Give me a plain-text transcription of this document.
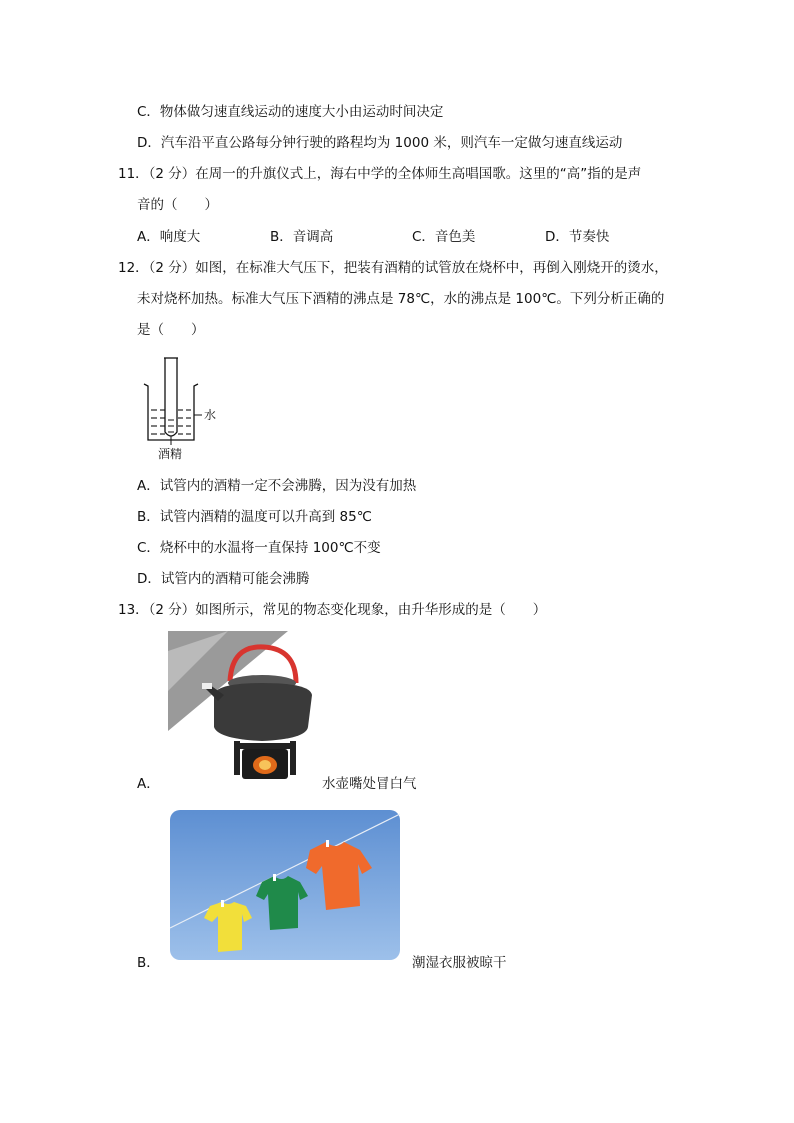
C．物体做匀速直线运动的速度大小由运动时间决定
D．汽车沿平直公路每分钟行驶的路程均为 1000 米，则汽车一定做匀速直线运动
11．（2 分）在周一的升旗仪式上，海右中学的全体师生高唱国歌。这里的“高”指的是声
音的（　　）
A．响度大	B．音调高	C．音色美	D．节奏快
12．（2 分）如图，在标准大气压下，把装有酒精的试管放在烧杯中，再倒入刚烧开的烫水，
未对烧杯加热。标准大气压下酒精的沸点是 78℃，水的沸点是 100℃。下列分析正确的
是（　　）
水
酒精
A．试管内的酒精一定不会沸腾，因为没有加热
B．试管内酒精的温度可以升高到 85℃
C．烧杯中的水温将一直保持 100℃不变
D．试管内的酒精可能会沸腾
13．（2 分）如图所示，常见的物态变化现象，由升华形成的是（　　）
A．	水壶嘴处冒白气
B．	潮湿衣服被晾干
